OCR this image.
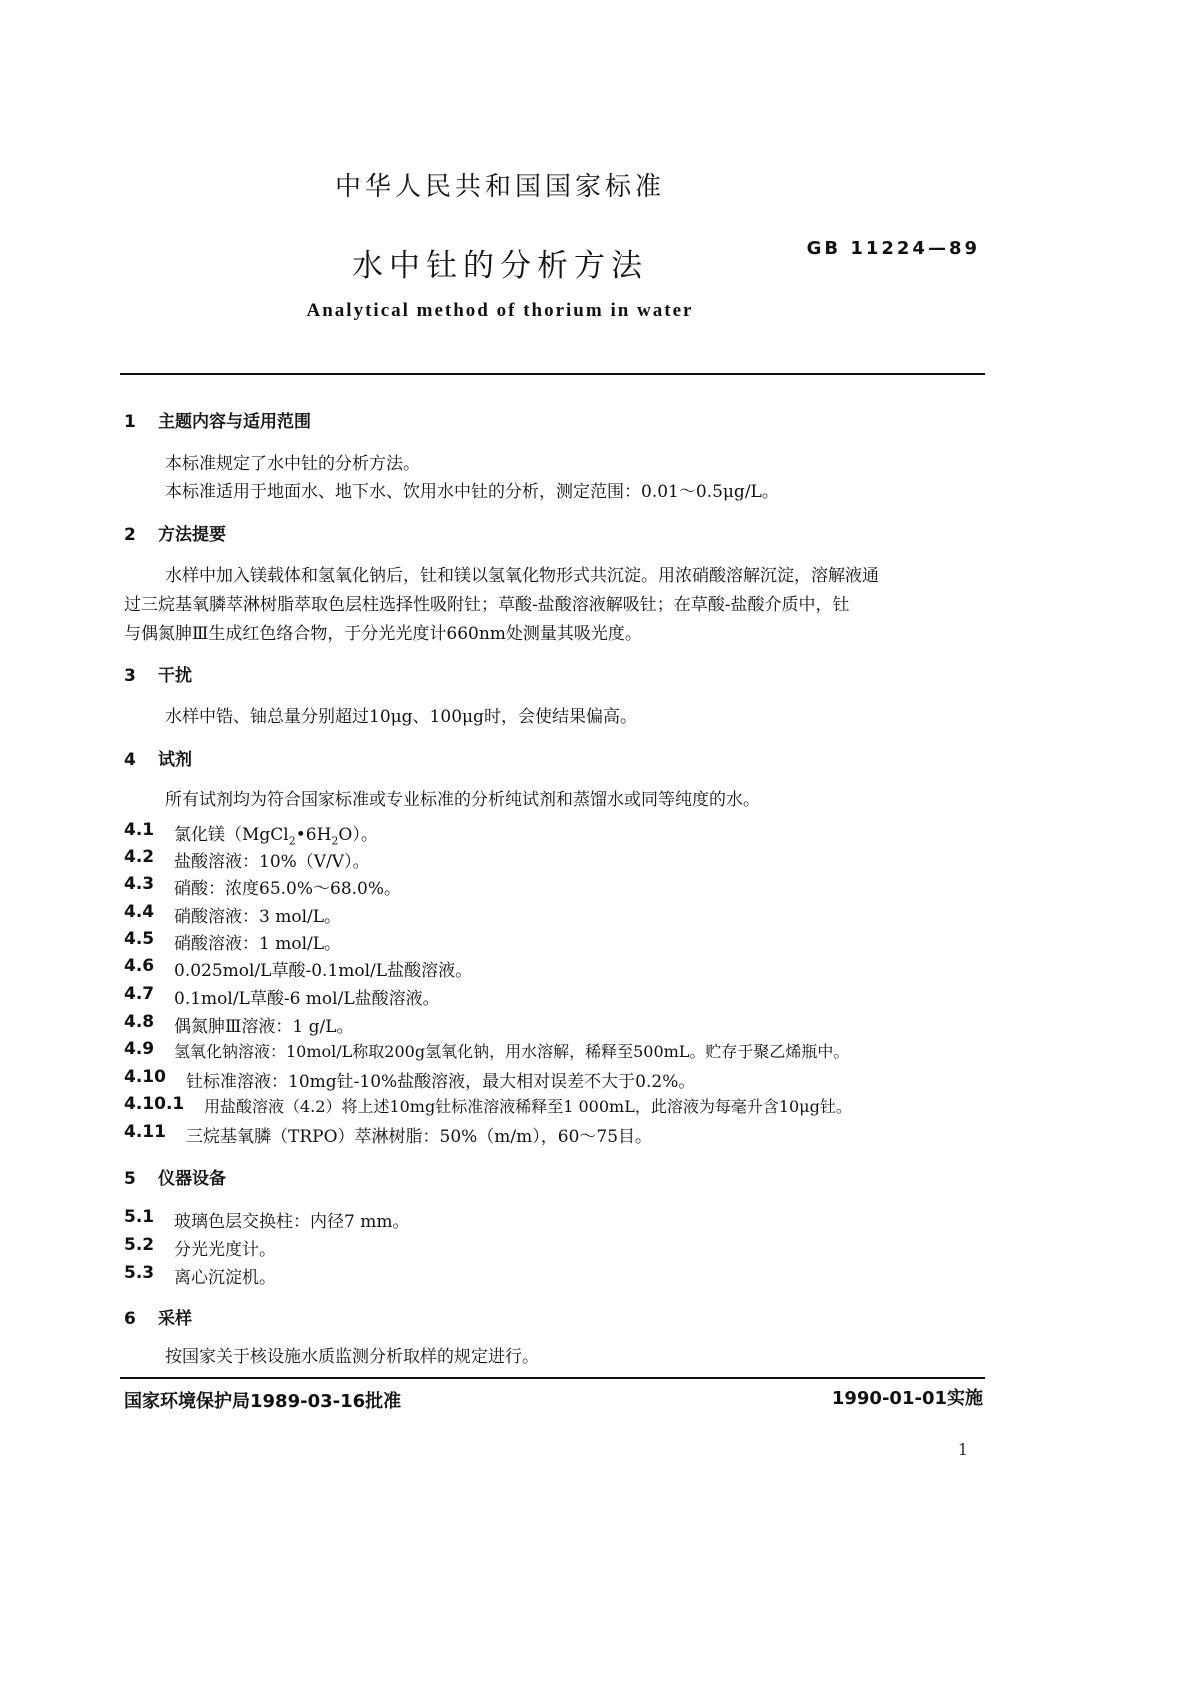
中华人民共和国国家标准
水中钍的分析方法	GB 11224—89
Analytical method of thorium in water
1 主题内容与适用范围
本标准规定了水中钍的分析方法。
本标准适用于地面水、地下水、饮用水中钍的分析，测定范围：0.01～0.5μg/L。
2 方法提要
水样中加入镁载体和氢氧化钠后，钍和镁以氢氧化物形式共沉淀。用浓硝酸溶解沉淀，溶解液通
过三烷基氧膦萃淋树脂萃取色层柱选择性吸附钍；草酸-盐酸溶液解吸钍；在草酸-盐酸介质中，钍
与偶氮胂Ⅲ生成红色络合物，于分光光度计660nm处测量其吸光度。
3 干扰
水样中锆、铀总量分别超过10μg、100μg时，会使结果偏高。
4 试剂
所有试剂均为符合国家标准或专业标准的分析纯试剂和蒸馏水或同等纯度的水。
4.1 氯化镁$(MgCl_2•6H_2O)$。
4.2 盐酸溶液：10%（V/V）。
4.3 硝酸：浓度65.0%～68.0%。
4.4 硝酸溶液：3 mol/L。
4.5 硝酸溶液：1 mol/L。
4.6 0.025mol/L草酸-0.1mol/L盐酸溶液。
4.7 0.1mol/L草酸-6 mol/L盐酸溶液。
4.8 偶氮胂Ⅲ溶液：1 g/L。
4.9 氢氧化钠溶液：10mol/L称取200g氢氧化钠，用水溶解，稀释至500mL。贮存于聚乙烯瓶中。
4.10 钍标准溶液：10mg钍-10%盐酸溶液，最大相对误差不大于0.2%。
4.10.1 用盐酸溶液（4.2）将上述10mg钍标准溶液稀释至1 000mL，此溶液为每毫升含10μg钍。
4.11 三烷基氧膦（TRPO）萃淋树脂：50%（m/m），60～75目。
5 仪器设备
5.1 玻璃色层交换柱：内径7 mm。
5.2 分光光度计。
5.3 离心沉淀机。
6 采样
按国家关于核设施水质监测分析取样的规定进行。
国家环境保护局1989-03-16批准	1990-01-01实施
1
